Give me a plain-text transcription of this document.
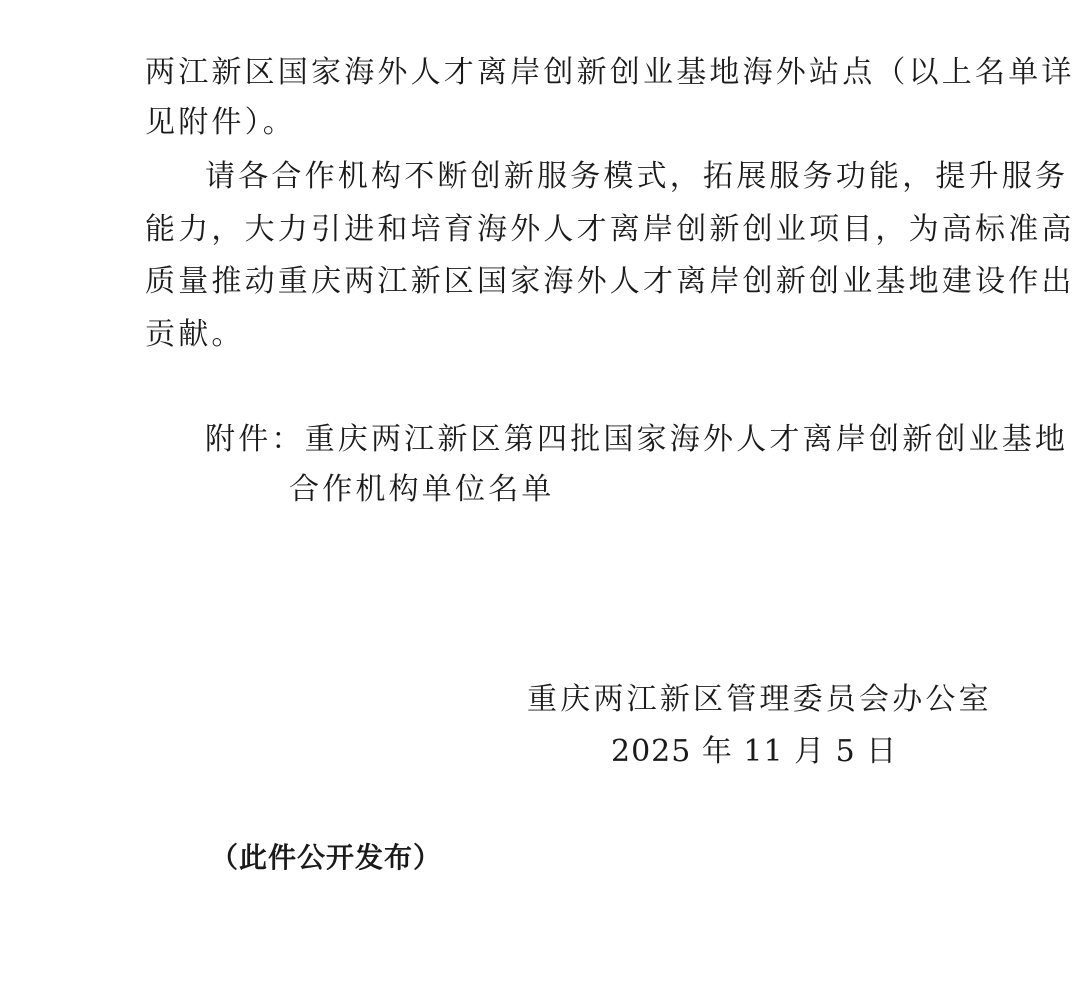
两江新区国家海外人才离岸创新创业基地海外站点（以上名单详
见附件）。
请各合作机构不断创新服务模式，拓展服务功能，提升服务
能力，大力引进和培育海外人才离岸创新创业项目，为高标准高
质量推动重庆两江新区国家海外人才离岸创新创业基地建设作出
贡献。
附件：重庆两江新区第四批国家海外人才离岸创新创业基地
合作机构单位名单
重庆两江新区管理委员会办公室
2025 年 11 月 5 日
（此件公开发布）
